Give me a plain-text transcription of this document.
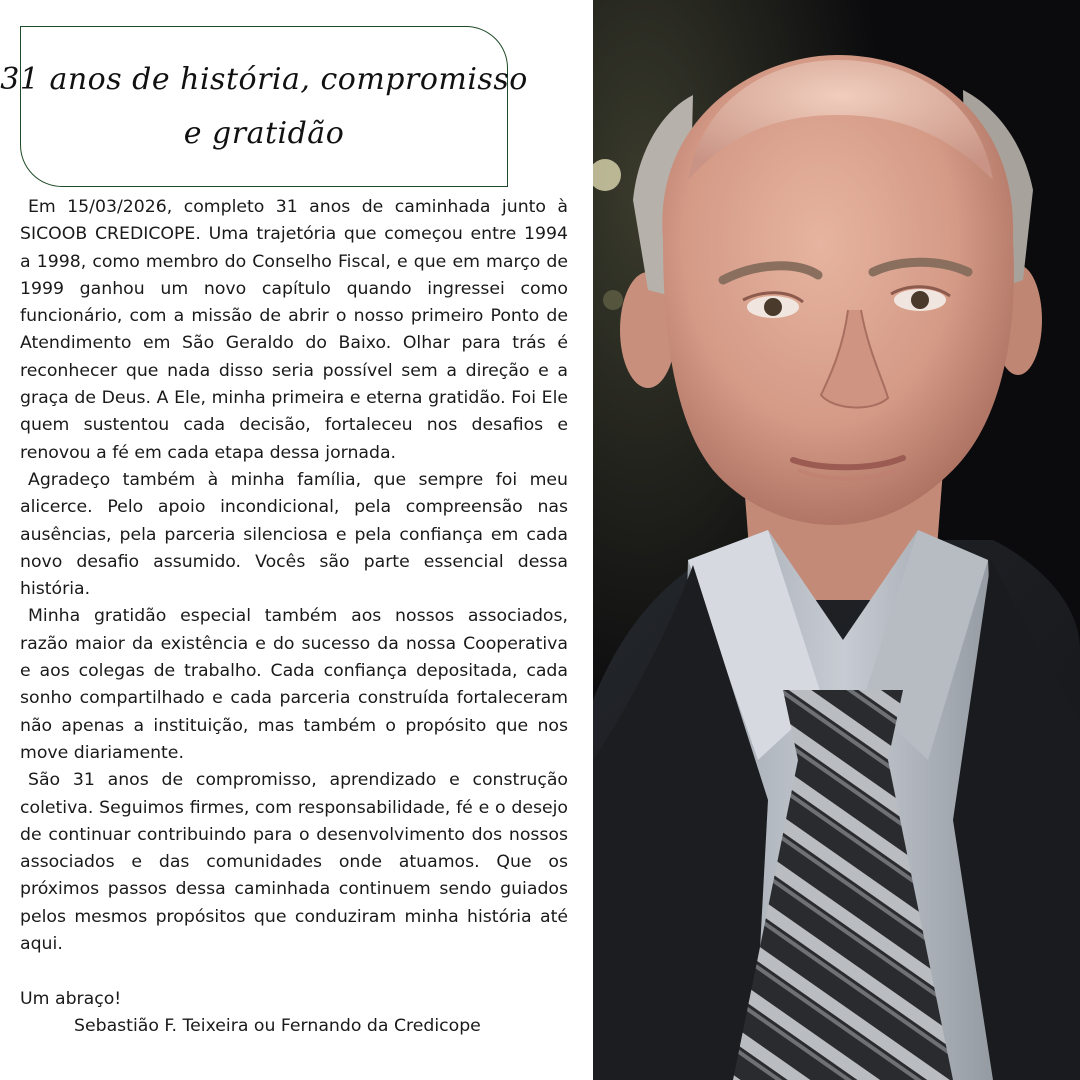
31 anos de história, compromisso
e gratidão

Em 15/03/2026, completo 31 anos de caminhada junto à SICOOB CREDICOPE. Uma trajetória que começou entre 1994 a 1998, como membro do Conselho Fiscal, e que em março de 1999 ganhou um novo capítulo quando ingressei como funcionário, com a missão de abrir o nosso primeiro Ponto de Atendimento em São Geraldo do Baixo. Olhar para trás é reconhecer que nada disso seria possível sem a direção e a graça de Deus. A Ele, minha primeira e eterna gratidão. Foi Ele quem sustentou cada decisão, fortaleceu nos desafios e renovou a fé em cada etapa dessa jornada.

Agradeço também à minha família, que sempre foi meu alicerce. Pelo apoio incondicional, pela compreensão nas ausências, pela parceria silenciosa e pela confiança em cada novo desafio assumido. Vocês são parte essencial dessa história.

Minha gratidão especial também aos nossos associados, razão maior da existência e do sucesso da nossa Cooperativa e aos colegas de trabalho. Cada confiança depositada, cada sonho compartilhado e cada parceria construída fortaleceram não apenas a instituição, mas também o propósito que nos move diariamente.

São 31 anos de compromisso, aprendizado e construção coletiva. Seguimos firmes, com responsabilidade, fé e o desejo de continuar contribuindo para o desenvolvimento dos nossos associados e das comunidades onde atuamos. Que os próximos passos dessa caminhada continuem sendo guiados pelos mesmos propósitos que conduziram minha história até aqui.

Um abraço!

Sebastião F. Teixeira ou Fernando da Credicope
